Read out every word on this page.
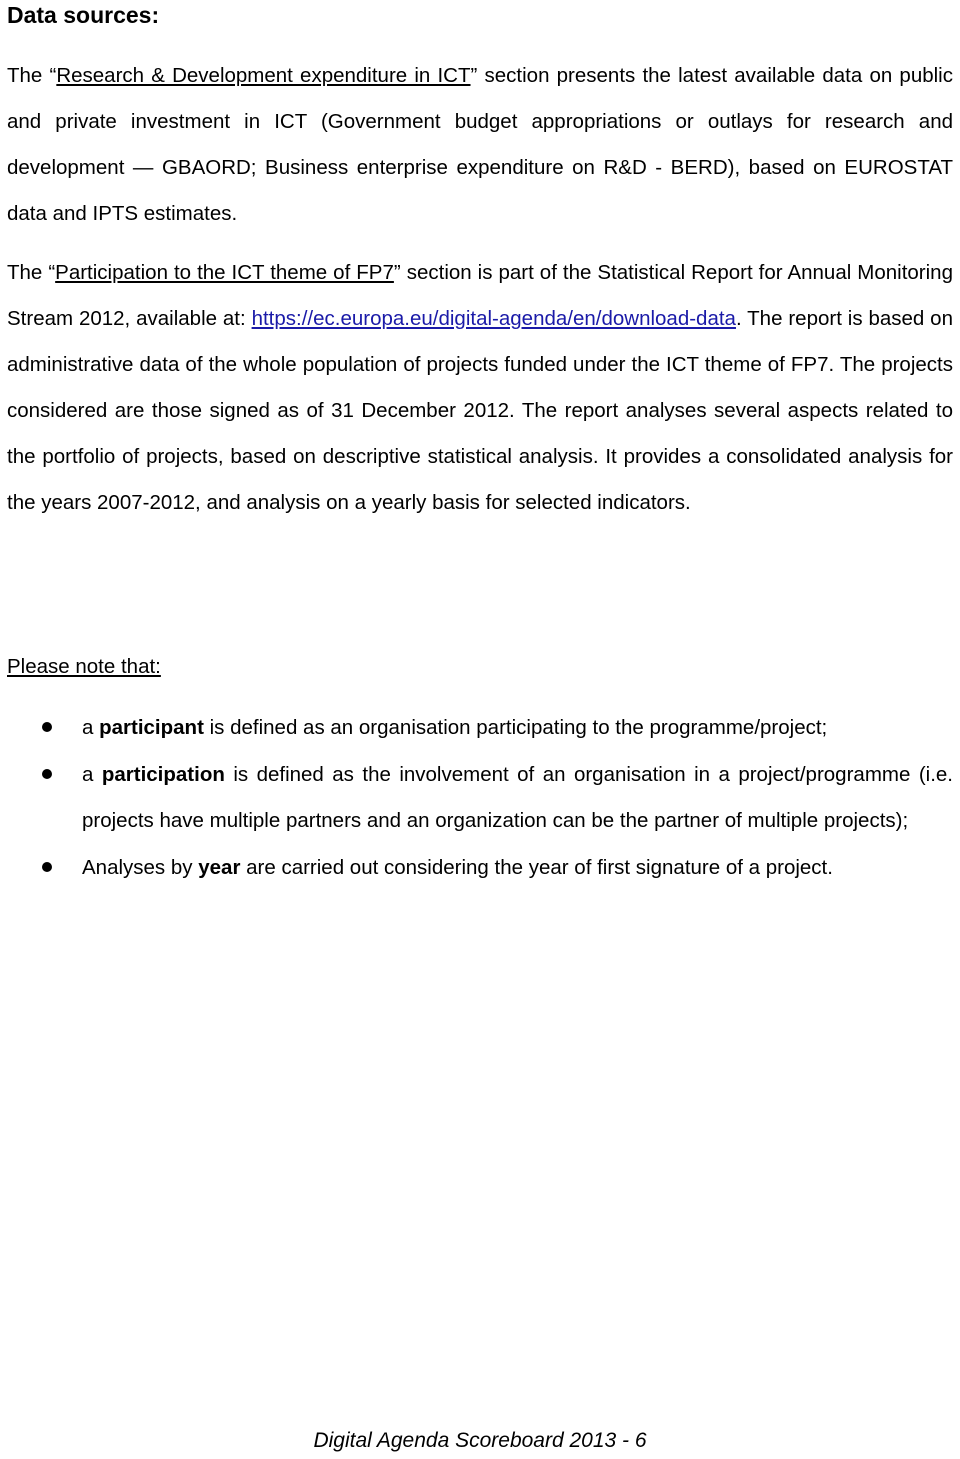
Data sources:

The “Research & Development expenditure in ICT” section presents the latest available data on public and private investment in ICT (Government budget appropriations or outlays for research and development — GBAORD; Business enterprise expenditure on R&D - BERD), based on EUROSTAT data and IPTS estimates.

The “Participation to the ICT theme of FP7” section is part of the Statistical Report for Annual Monitoring Stream 2012, available at: https://ec.europa.eu/digital-agenda/en/download-data. The report is based on administrative data of the whole population of projects funded under the ICT theme of FP7. The projects considered are those signed as of 31 December 2012. The report analyses several aspects related to the portfolio of projects, based on descriptive statistical analysis. It provides a consolidated analysis for the years 2007-2012, and analysis on a yearly basis for selected indicators.

Please note that:

a participant is defined as an organisation participating to the programme/project;
a participation is defined as the involvement of an organisation in a project/programme (i.e. projects have multiple partners and an organization can be the partner of multiple projects);
Analyses by year are carried out considering the year of first signature of a project.

Digital Agenda Scoreboard 2013 - 6
